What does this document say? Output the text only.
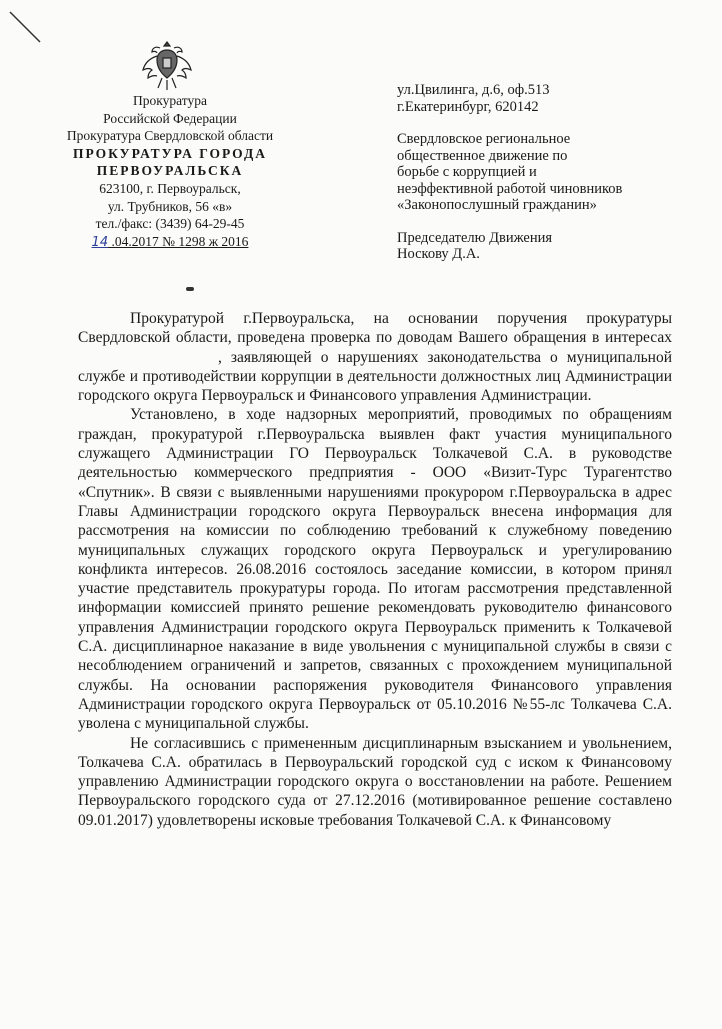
Прокуратура
Российской Федерации
Прокуратура Свердловской области
ПРОКУРАТУРА ГОРОДА
ПЕРВОУРАЛЬСКА
623100, г. Первоуральск,
ул. Трубников, 56 «в»
тел./факс: (3439) 64-29-45
14 .04.2017 № 1298 ж 2016

ул.Цвилинга, д.6, оф.513

г.Екатеринбург, 620142

Свердловское региональное

общественное движение по

борьбе с коррупцией и

неэффективной работой чиновников

«Законопослушный гражданин»

Председателю Движения

Носкову Д.А.

Прокуратурой г.Первоуральска, на основании поручения прокуратуры Свердловской области, проведена проверка по доводам Вашего обращения в интересах, заявляющей о нарушениях законодательства о муниципальной службе и противодействии коррупции в деятельности должностных лиц Администрации городского округа Первоуральск и Финансового управления Администрации.

Установлено, в ходе надзорных мероприятий, проводимых по обращениям граждан, прокуратурой г.Первоуральска выявлен факт участия муниципального служащего Администрации ГО Первоуральск Толкачевой С.А. в руководстве деятельностью коммерческого предприятия - ООО «Визит-Турс Турагентство «Спутник». В связи с выявленными нарушениями прокурором г.Первоуральска в адрес Главы Администрации городского округа Первоуральск внесена информация для рассмотрения на комиссии по соблюдению требований к служебному поведению муниципальных служащих городского округа Первоуральск и урегулированию конфликта интересов. 26.08.2016 состоялось заседание комиссии, в котором принял участие представитель прокуратуры города. По итогам рассмотрения представленной информации комиссией принято решение рекомендовать руководителю финансового управления Администрации городского округа Первоуральск применить к Толкачевой С.А. дисциплинарное наказание в виде увольнения с муниципальной службы в связи с несоблюдением ограничений и запретов, связанных с прохождением муниципальной службы. На основании распоряжения руководителя Финансового управления Администрации городского округа Первоуральск от 05.10.2016 №55-лс Толкачева С.А. уволена с муниципальной службы.

Не согласившись с примененным дисциплинарным взысканием и увольнением, Толкачева С.А. обратилась в Первоуральский городской суд с иском к Финансовому управлению Администрации городского округа о восстановлении на работе. Решением Первоуральского городского суда от 27.12.2016 (мотивированное решение составлено 09.01.2017) удовлетворены исковые требования Толкачевой С.А. к Финансовому
